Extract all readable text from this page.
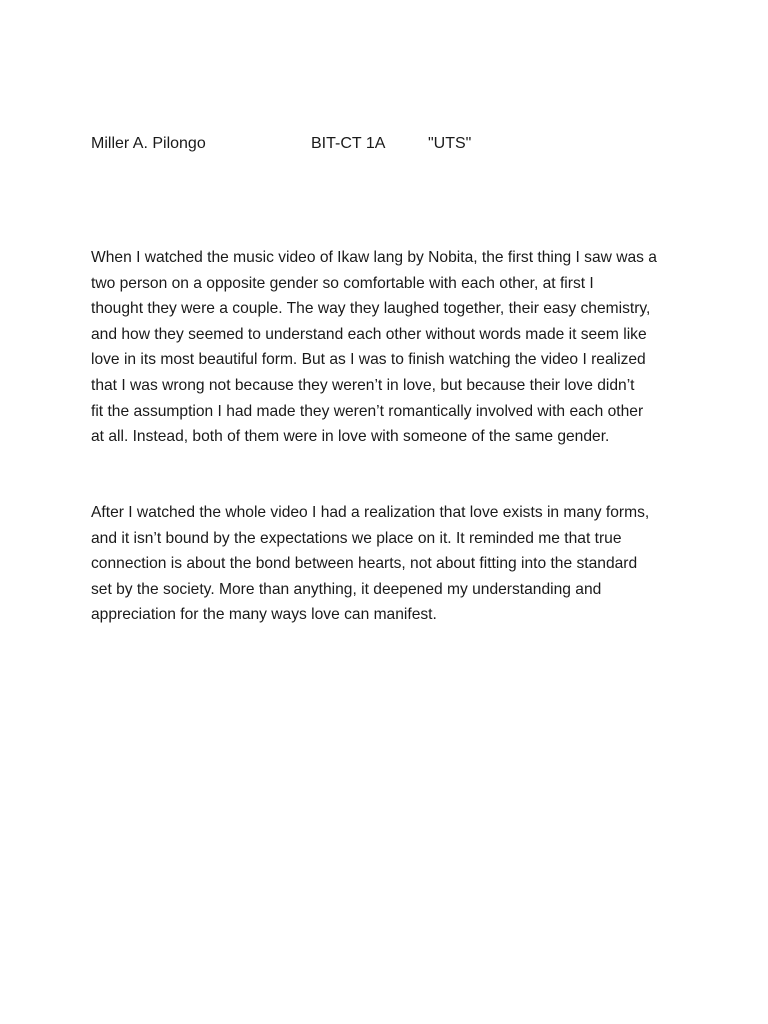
Miller A. Pilongo	BIT-CT 1A	"UTS"

When I watched the music video of Ikaw lang by Nobita, the first thing I saw was a
two person on a opposite gender so comfortable with each other, at first I
thought they were a couple. The way they laughed together, their easy chemistry,
and how they seemed to understand each other without words made it seem like
love in its most beautiful form. But as I was to finish watching the video I realized
that I was wrong not because they weren’t in love, but because their love didn’t
fit the assumption I had made they weren’t romantically involved with each other
at all. Instead, both of them were in love with someone of the same gender.

After I watched the whole video I had a realization that love exists in many forms,
and it isn’t bound by the expectations we place on it. It reminded me that true
connection is about the bond between hearts, not about fitting into the standard
set by the society. More than anything, it deepened my understanding and
appreciation for the many ways love can manifest.
